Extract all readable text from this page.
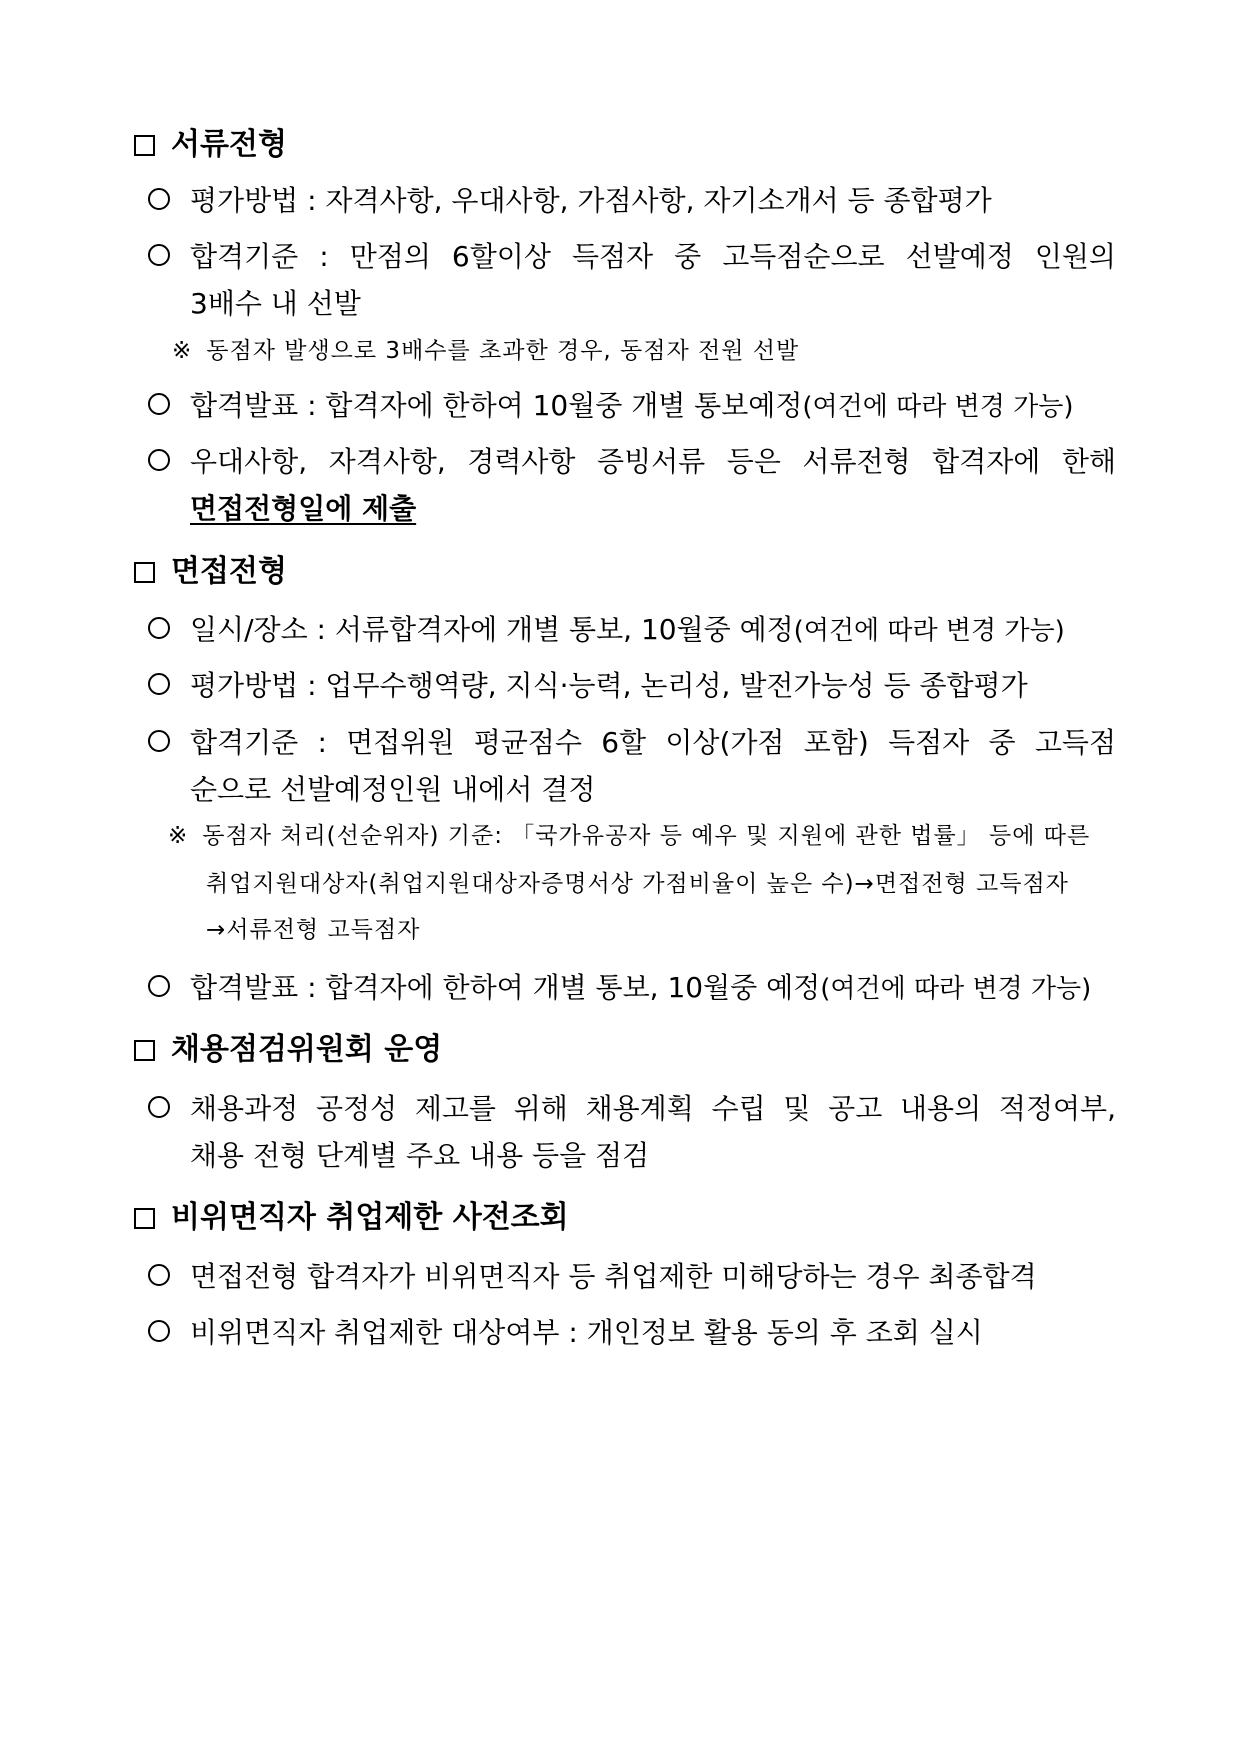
서류전형
평가방법 : 자격사항, 우대사항, 가점사항, 자기소개서 등 종합평가
합격기준 : 만점의 6할이상 득점자 중 고득점순으로 선발예정 인원의
3배수 내 선발
※ 동점자 발생으로 3배수를 초과한 경우, 동점자 전원 선발
합격발표 : 합격자에 한하여 10월중 개별 통보예정(여건에 따라 변경 가능)
우대사항, 자격사항, 경력사항 증빙서류 등은 서류전형 합격자에 한해
면접전형일에 제출
면접전형
일시/장소 : 서류합격자에 개별 통보, 10월중 예정(여건에 따라 변경 가능)
평가방법 : 업무수행역량, 지식·능력, 논리성, 발전가능성 등 종합평가
합격기준 : 면접위원 평균점수 6할 이상(가점 포함) 득점자 중 고득점
순으로 선발예정인원 내에서 결정
※ 동점자 처리(선순위자) 기준: 「국가유공자 등 예우 및 지원에 관한 법률」 등에 따른
취업지원대상자(취업지원대상자증명서상 가점비율이 높은 수)→면접전형 고득점자
→서류전형 고득점자
합격발표 : 합격자에 한하여 개별 통보, 10월중 예정(여건에 따라 변경 가능)
채용점검위원회 운영
채용과정 공정성 제고를 위해 채용계획 수립 및 공고 내용의 적정여부,
채용 전형 단계별 주요 내용 등을 점검
비위면직자 취업제한 사전조회
면접전형 합격자가 비위면직자 등 취업제한 미해당하는 경우 최종합격
비위면직자 취업제한 대상여부 : 개인정보 활용 동의 후 조회 실시
